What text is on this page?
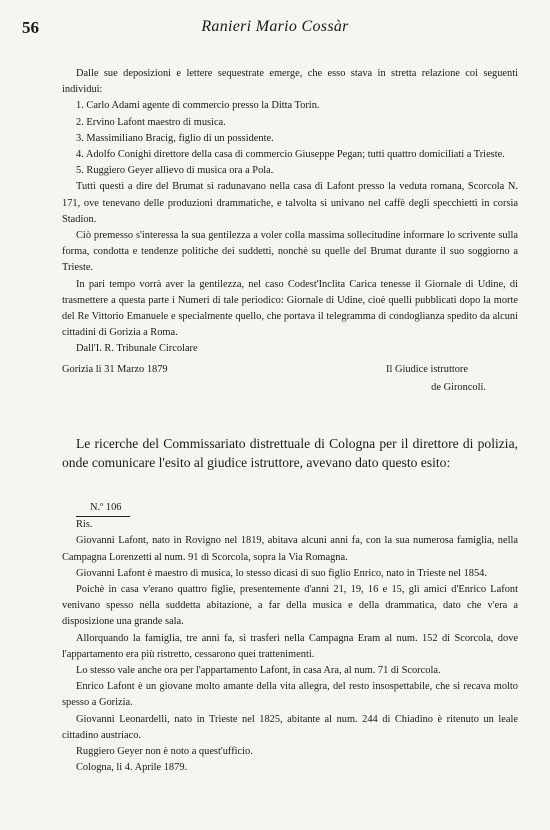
56	Ranieri Mario Cossàr

Dalle sue deposizioni e lettere sequestrate emerge, che esso stava in stretta relazione coi seguenti individui:

1. Carlo Adami agente di commercio presso la Ditta Torin.

2. Ervino Lafont maestro di musica.

3. Massimiliano Bracig, figlio di un possidente.

4. Adolfo Conighi direttore della casa di commercio Giuseppe Pegan; tutti quattro domiciliati a Trieste.

5. Ruggiero Geyer allievo di musica ora a Pola.

Tutti questi a dire del Brumat si radunavano nella casa di Lafont presso la veduta romana, Scorcola N. 171, ove tenevano delle produzioni drammatiche, e talvolta si univano nel caffè degli specchietti in corsia Stadion.

Ciò premesso s'interessa la sua gentilezza a voler colla massima sollecitudine informare lo scrivente sulla forma, condotta e tendenze politiche dei suddetti, nonchè su quelle del Brumat durante il suo soggiorno a Trieste.

In pari tempo vorrà aver la gentilezza, nel caso Codest'Inclita Carica tenesse il Giornale di Udine, di trasmettere a questa parte i Numeri di tale periodico: Giornale di Udine, cioè quelli pubblicati dopo la morte del Re Vittorio Emanuele e specialmente quello, che portava il telegramma di condoglianza spedito da alcuni cittadini di Gorizia a Roma.

Dall'I. R. Tribunale Circolare

Gorizia li 31 Marzo 1879	Il Giudice istruttore

de Gironcoli.

Le ricerche del Commissariato distrettuale di Cologna per il direttore di polizia, onde comunicare l'esito al giudice istruttore, avevano dato questo esito:

N.º 106

Ris.

Giovanni Lafont, nato in Rovigno nel 1819, abitava alcuni anni fa, con la sua numerosa famiglia, nella Campagna Lorenzetti al num. 91 di Scorcola, sopra la Via Romagna.

Giovanni Lafont è maestro di musica, lo stesso dicasi di suo figlio Enrico, nato in Trieste nel 1854.

Poichè in casa v'erano quattro figlie, presentemente d'anni 21, 19, 16 e 15, gli amici d'Enrico Lafont venivano spesso nella suddetta abitazione, a far della musica e della drammatica, dato che v'era a disposizione una grande sala.

Allorquando la famiglia, tre anni fa, si trasferì nella Campagna Eram al num. 152 di Scorcola, dove l'appartamento era più ristretto, cessarono quei trattenimenti.

Lo stesso vale anche ora per l'appartamento Lafont, in casa Ara, al num. 71 di Scorcola.

Enrico Lafont è un giovane molto amante della vita allegra, del resto insospettabile, che si recava molto spesso a Gorizia.

Giovanni Leonardelli, nato in Trieste nel 1825, abitante al num. 244 di Chiadino è ritenuto un leale cittadino austriaco.

Ruggiero Geyer non è noto a quest'ufficio.

Cologna, li 4. Aprile 1879.
